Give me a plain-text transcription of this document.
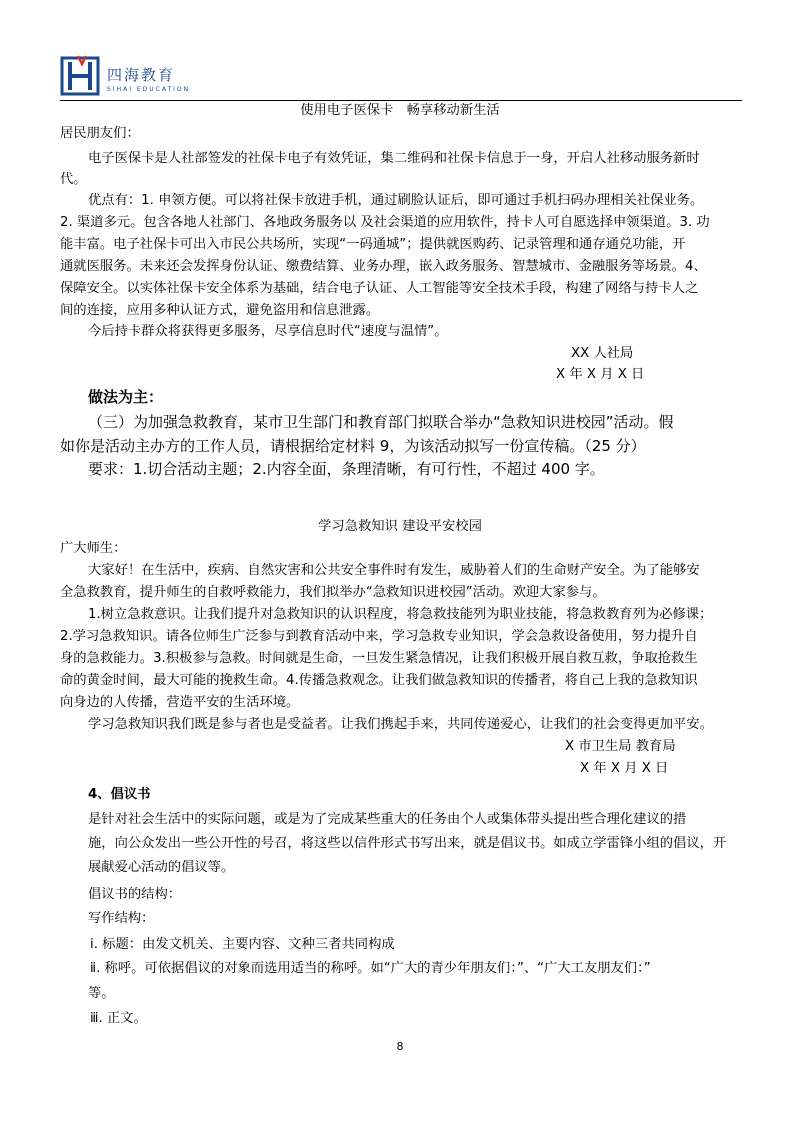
四海教育
SIHAI EDUCATION
使用电子医保卡　畅享移动新生活
居民朋友们：
电子医保卡是人社部签发的社保卡电子有效凭证，集二维码和社保卡信息于一身，开启人社移动服务新时
代。
优点有：1. 申领方便。可以将社保卡放进手机，通过刷脸认证后，即可通过手机扫码办理相关社保业务。
2. 渠道多元。包含各地人社部门、各地政务服务以 及社会渠道的应用软件，持卡人可自愿选择申领渠道。3. 功
能丰富。电子社保卡可出入市民公共场所，实现“一码通城”；提供就医购药、记录管理和通存通兑功能，开
通就医服务。未来还会发挥身份认证、缴费结算、业务办理，嵌入政务服务、智慧城市、金融服务等场景。4、
保障安全。以实体社保卡安全体系为基础，结合电子认证、人工智能等安全技术手段，构建了网络与持卡人之
间的连接，应用多种认证方式，避免盗用和信息泄露。
今后持卡群众将获得更多服务，尽享信息时代“速度与温情”。
XX 人社局
X 年 X 月 X 日
做法为主：
（三）为加强急救教育，某市卫生部门和教育部门拟联合举办“急救知识进校园”活动。假
如你是活动主办方的工作人员，请根据给定材料 9，为该活动拟写一份宣传稿。（25 分）
要求：1.切合活动主题；2.内容全面，条理清晰，有可行性，不超过 400 字。
学习急救知识 建设平安校园
广大师生：
大家好！在生活中，疾病、自然灾害和公共安全事件时有发生，威胁着人们的生命财产安全。为了能够安
全急救教育，提升师生的自救呼救能力，我们拟举办“急救知识进校园”活动。欢迎大家参与。
1.树立急救意识。让我们提升对急救知识的认识程度，将急救技能列为职业技能，将急救教育列为必修课；
2.学习急救知识。请各位师生广泛参与到教育活动中来，学习急救专业知识，学会急救设备使用，努力提升自
身的急救能力。3.积极参与急救。时间就是生命，一旦发生紧急情况，让我们积极开展自救互救，争取抢救生
命的黄金时间，最大可能的挽救生命。4.传播急救观念。让我们做急救知识的传播者，将自己上我的急救知识
向身边的人传播，营造平安的生活环境。
学习急救知识我们既是参与者也是受益者。让我们携起手来，共同传递爱心，让我们的社会变得更加平安。
X 市卫生局 教育局
X 年 X 月 X 日
4、倡议书
是针对社会生活中的实际问题，或是为了完成某些重大的任务由个人或集体带头提出些合理化建议的措
施，向公众发出一些公开性的号召，将这些以信件形式书写出来，就是倡议书。如成立学雷锋小组的倡议，开
展献爱心活动的倡议等。
倡议书的结构：
写作结构：
ⅰ. 标题：由发文机关、主要内容、文种三者共同构成
ⅱ. 称呼。可依据倡议的对象而选用适当的称呼。如“广大的青少年朋友们：”、“广大工友朋友们：”
等。
ⅲ. 正文。
8
